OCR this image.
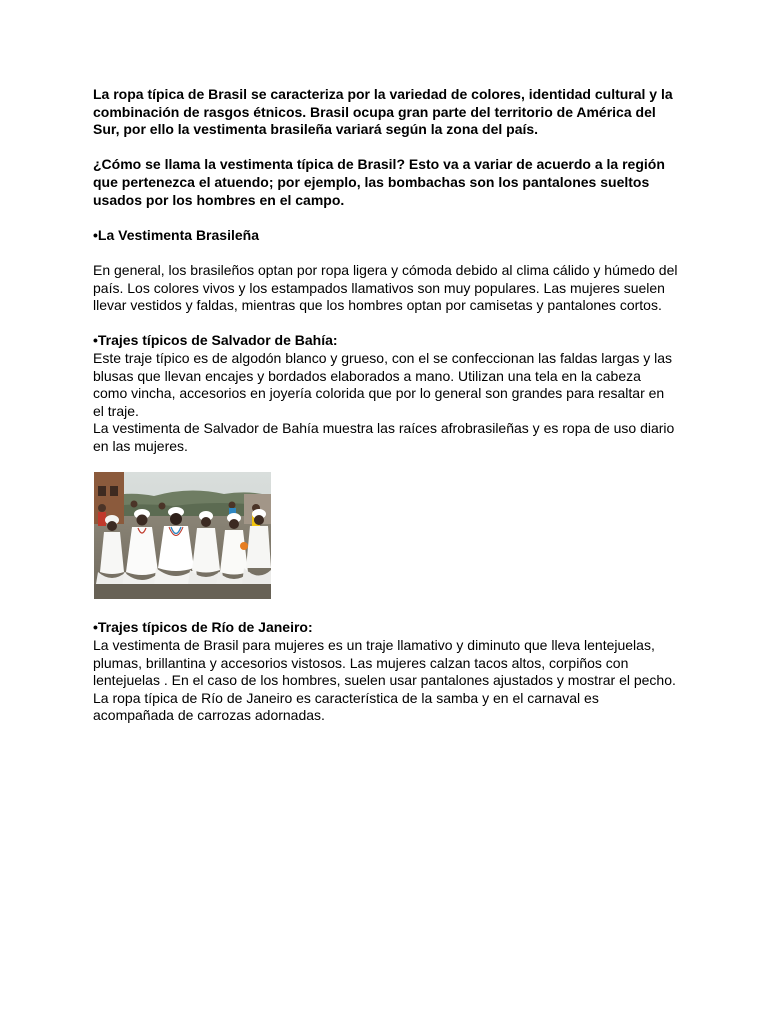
La ropa típica de Brasil se caracteriza por la variedad de colores, identidad cultural y la combinación de rasgos étnicos. Brasil ocupa gran parte del territorio de América del Sur, por ello la vestimenta brasileña variará según la zona del país.

¿Cómo se llama la vestimenta típica de Brasil? Esto va a variar de acuerdo a la región que pertenezca el atuendo; por ejemplo, las bombachas son los pantalones sueltos usados por los hombres en el campo.

•La Vestimenta Brasileña

En general, los brasileños optan por ropa ligera y cómoda debido al clima cálido y húmedo del país. Los colores vivos y los estampados llamativos son muy populares. Las mujeres suelen llevar vestidos y faldas, mientras que los hombres optan por camisetas y pantalones cortos.

•Trajes típicos de Salvador de Bahía:

Este traje típico es de algodón blanco y grueso, con el se confeccionan las faldas largas y las blusas que llevan encajes y bordados elaborados a mano. Utilizan una tela en la cabeza como vincha, accesorios en joyería colorida que por lo general son grandes para resaltar en el traje.

La vestimenta de Salvador de Bahía muestra las raíces afrobrasileñas y es ropa de uso diario en las mujeres.

•Trajes típicos de Río de Janeiro:

La vestimenta de Brasil para mujeres es un traje llamativo y diminuto que lleva lentejuelas, plumas, brillantina y accesorios vistosos. Las mujeres calzan tacos altos, corpiños con lentejuelas . En el caso de los hombres, suelen usar pantalones ajustados y mostrar el pecho.

La ropa típica de Río de Janeiro es característica de la samba y en el carnaval es acompañada de carrozas adornadas.
